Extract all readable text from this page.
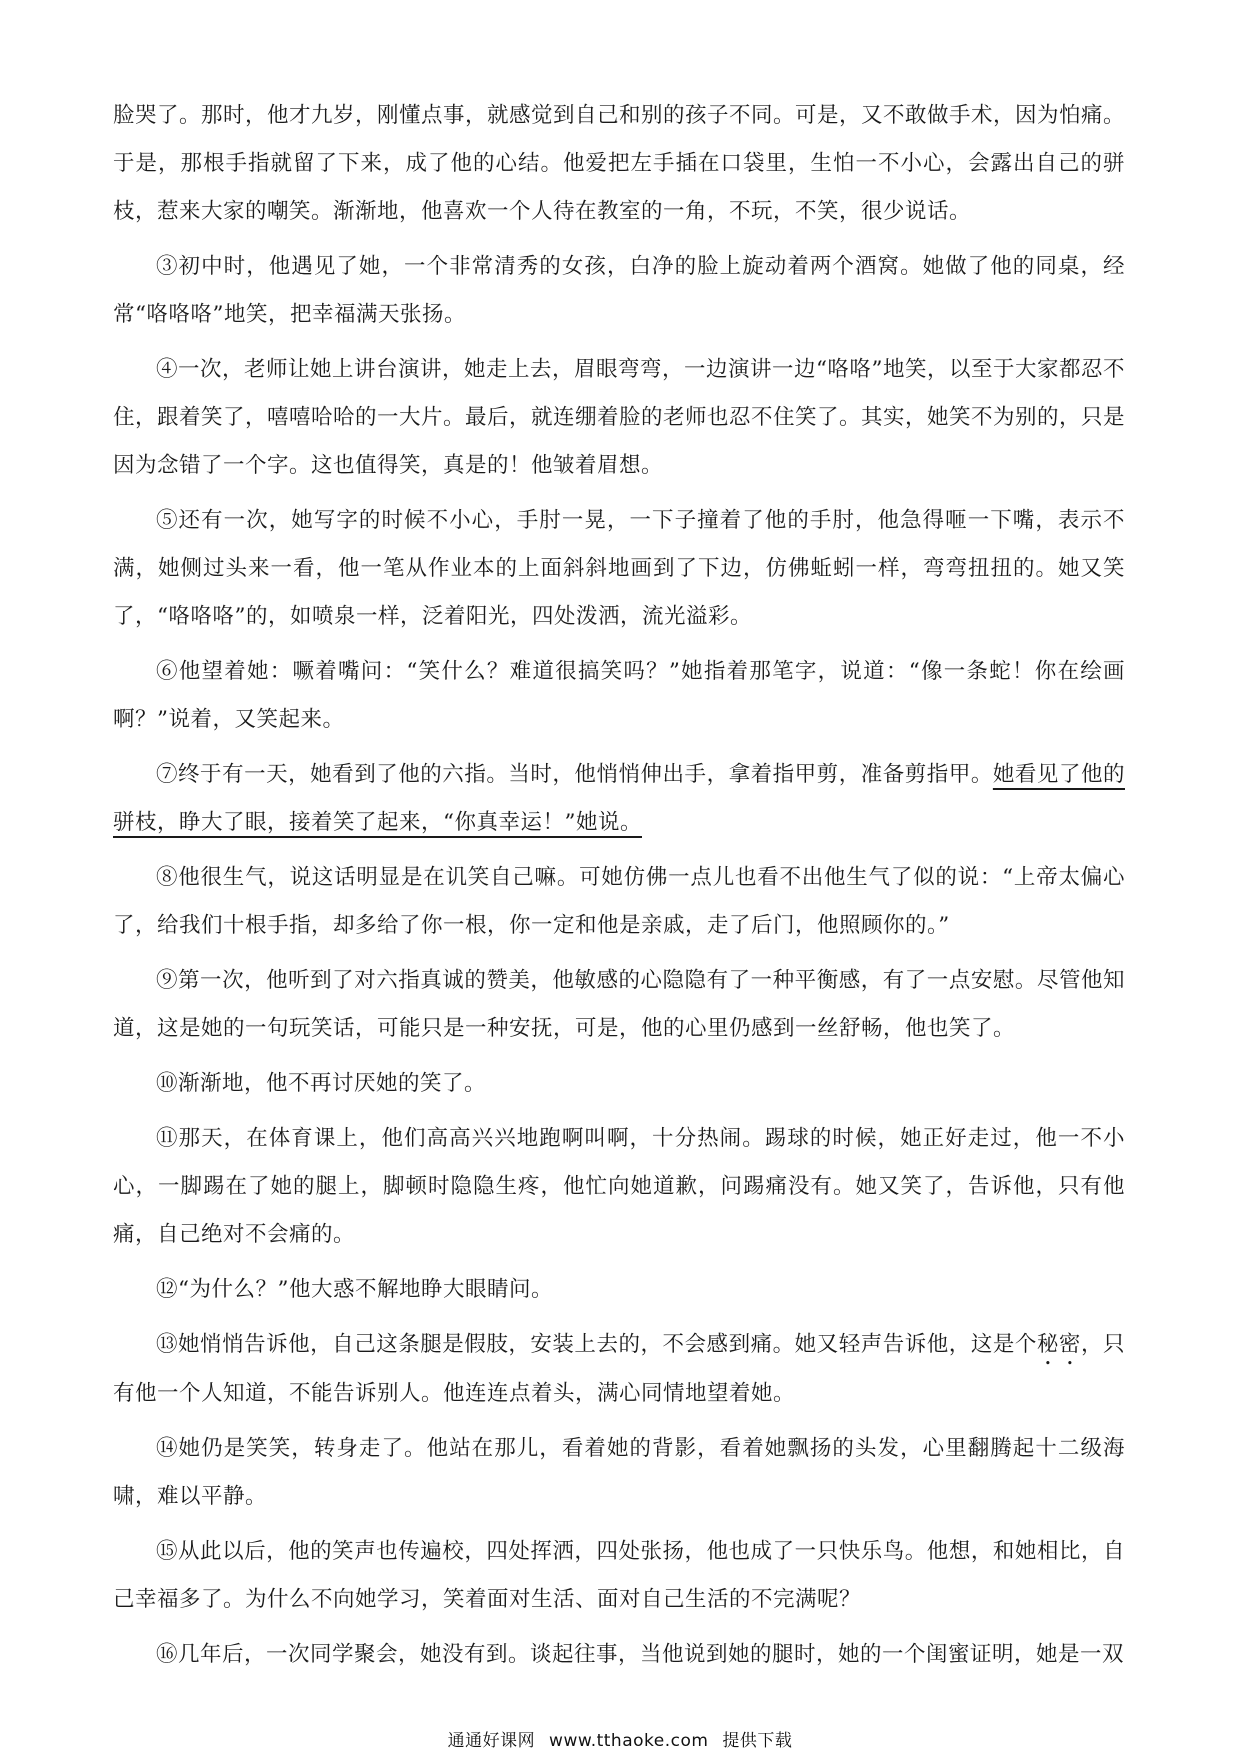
脸哭了。那时，他才九岁，刚懂点事，就感觉到自己和别的孩子不同。可是，又不敢做手术，因为怕痛。于是，那根手指就留了下来，成了他的心结。他爱把左手插在口袋里，生怕一不小心，会露出自己的骈枝，惹来大家的嘲笑。渐渐地，他喜欢一个人待在教室的一角，不玩，不笑，很少说话。

③初中时，他遇见了她，一个非常清秀的女孩，白净的脸上旋动着两个酒窝。她做了他的同桌，经常“咯咯咯”地笑，把幸福满天张扬。

④一次，老师让她上讲台演讲，她走上去，眉眼弯弯，一边演讲一边“咯咯”地笑，以至于大家都忍不住，跟着笑了，嘻嘻哈哈的一大片。最后，就连绷着脸的老师也忍不住笑了。其实，她笑不为别的，只是因为念错了一个字。这也值得笑，真是的！他皱着眉想。

⑤还有一次，她写字的时候不小心，手肘一晃，一下子撞着了他的手肘，他急得咂一下嘴，表示不满，她侧过头来一看，他一笔从作业本的上面斜斜地画到了下边，仿佛蚯蚓一样，弯弯扭扭的。她又笑了，“咯咯咯”的，如喷泉一样，泛着阳光，四处泼洒，流光溢彩。

⑥他望着她：噘着嘴问：“笑什么？难道很搞笑吗？”她指着那笔字，说道：“像一条蛇！你在绘画啊？”说着，又笑起来。

⑦终于有一天，她看到了他的六指。当时，他悄悄伸出手，拿着指甲剪，准备剪指甲。她看见了他的骈枝，睁大了眼，接着笑了起来，“你真幸运！”她说。

⑧他很生气，说这话明显是在讥笑自己嘛。可她仿佛一点儿也看不出他生气了似的说：“上帝太偏心了，给我们十根手指，却多给了你一根，你一定和他是亲戚，走了后门，他照顾你的。”

⑨第一次，他听到了对六指真诚的赞美，他敏感的心隐隐有了一种平衡感，有了一点安慰。尽管他知道，这是她的一句玩笑话，可能只是一种安抚，可是，他的心里仍感到一丝舒畅，他也笑了。

⑩渐渐地，他不再讨厌她的笑了。

⑪那天，在体育课上，他们高高兴兴地跑啊叫啊，十分热闹。踢球的时候，她正好走过，他一不小心，一脚踢在了她的腿上，脚顿时隐隐生疼，他忙向她道歉，问踢痛没有。她又笑了，告诉他，只有他痛，自己绝对不会痛的。

⑫“为什么？”他大惑不解地睁大眼睛问。

⑬她悄悄告诉他，自己这条腿是假肢，安装上去的，不会感到痛。她又轻声告诉他，这是个秘密，只有他一个人知道，不能告诉别人。他连连点着头，满心同情地望着她。

⑭她仍是笑笑，转身走了。他站在那儿，看着她的背影，看着她飘扬的头发，心里翻腾起十二级海啸，难以平静。

⑮从此以后，他的笑声也传遍校，四处挥洒，四处张扬，他也成了一只快乐鸟。他想，和她相比，自己幸福多了。为什么不向她学习，笑着面对生活、面对自己生活的不完满呢？

⑯几年后，一次同学聚会，她没有到。谈起往事，当他说到她的腿时，她的一个闺蜜证明，她是一双

通通好课网 www.tthaoke.com 提供下载
